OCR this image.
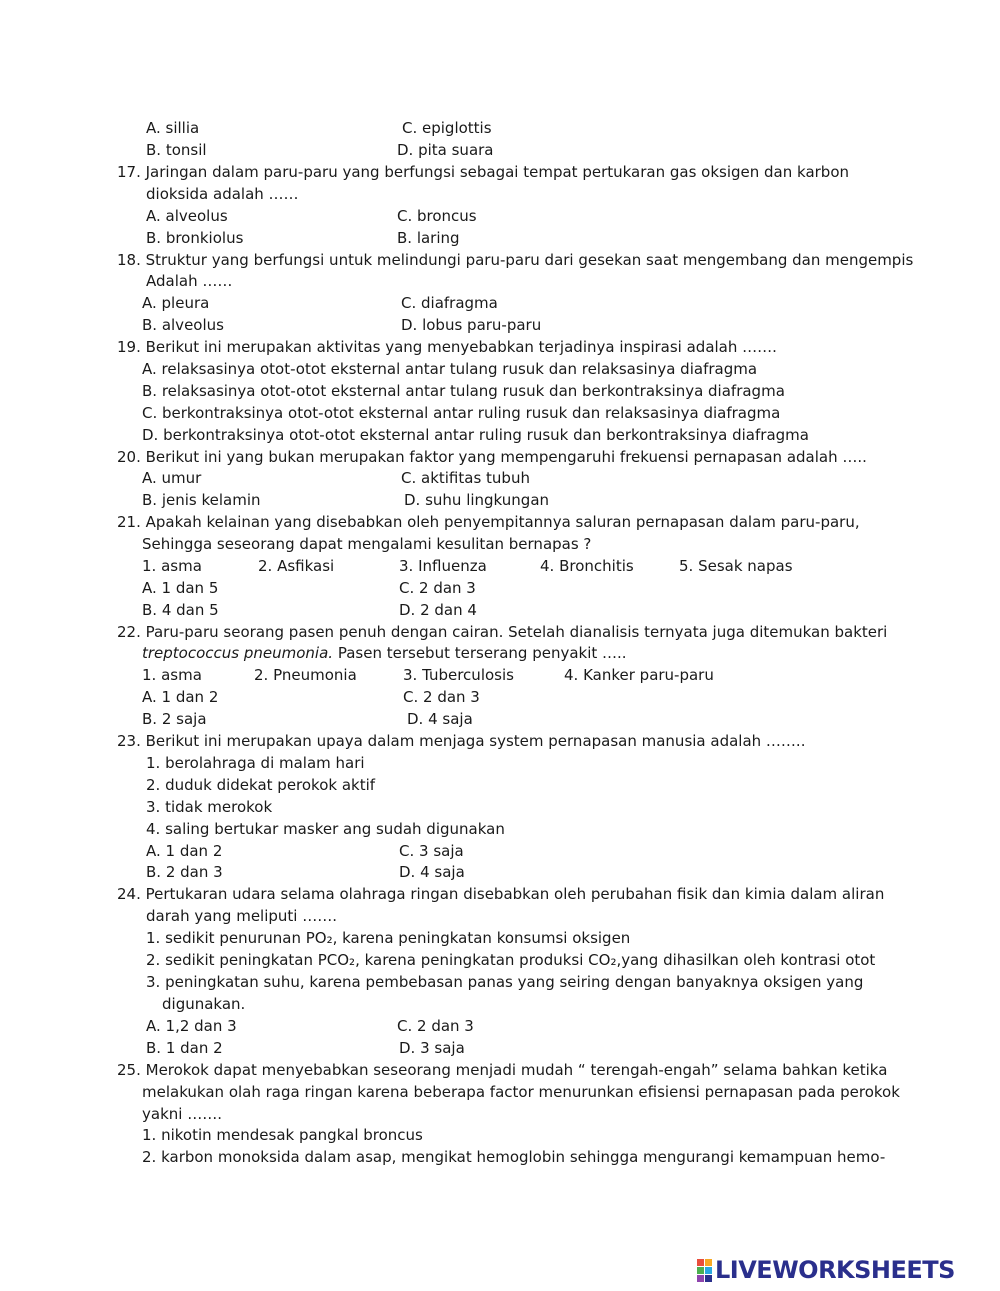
A. sillia	C. epiglottis
B. tonsil	D. pita suara
17. Jaringan dalam paru-paru yang berfungsi sebagai tempat pertukaran gas oksigen dan karbon
dioksida adalah ……
A. alveolus	C. broncus
B. bronkiolus	B. laring
18. Struktur yang berfungsi untuk melindungi paru-paru dari gesekan saat mengembang dan mengempis
Adalah ……
A. pleura	C. diafragma
B. alveolus	D. lobus paru-paru
19. Berikut ini merupakan aktivitas yang menyebabkan terjadinya inspirasi adalah …….
A. relaksasinya otot-otot eksternal antar tulang rusuk dan relaksasinya diafragma
B. relaksasinya otot-otot eksternal antar tulang rusuk dan berkontraksinya diafragma
C. berkontraksinya otot-otot eksternal antar ruling rusuk dan relaksasinya diafragma
D. berkontraksinya otot-otot eksternal antar ruling rusuk dan berkontraksinya diafragma
20. Berikut ini yang bukan merupakan faktor yang mempengaruhi frekuensi pernapasan adalah …..
A. umur	C. aktifitas tubuh
B. jenis kelamin	D. suhu lingkungan
21. Apakah kelainan yang disebabkan oleh penyempitannya saluran pernapasan dalam paru-paru,
Sehingga seseorang dapat mengalami kesulitan bernapas ?
1. asma	2. Asfikasi	3. Influenza	4. Bronchitis	5. Sesak napas
A. 1 dan 5	C. 2 dan 3
B. 4 dan 5	D. 2 dan 4
22. Paru-paru seorang pasen penuh dengan cairan. Setelah dianalisis ternyata juga ditemukan bakteri
treptococcus pneumonia. Pasen tersebut terserang penyakit …..
1. asma	2. Pneumonia	3. Tuberculosis	4. Kanker paru-paru
A. 1 dan 2	C. 2 dan 3
B. 2 saja	D. 4 saja
23. Berikut ini merupakan upaya dalam menjaga system pernapasan manusia adalah ……..
1. berolahraga di malam hari
2. duduk didekat perokok aktif
3. tidak merokok
4. saling bertukar masker ang sudah digunakan
A. 1 dan 2	C. 3 saja
B. 2 dan 3	D. 4 saja
24. Pertukaran udara selama olahraga ringan disebabkan oleh perubahan fisik dan kimia dalam aliran
darah yang meliputi …….
1. sedikit penurunan PO₂, karena peningkatan konsumsi oksigen
2. sedikit peningkatan PCO₂, karena peningkatan produksi CO₂,yang dihasilkan oleh kontrasi otot
3. peningkatan suhu, karena pembebasan panas yang seiring dengan banyaknya oksigen yang
digunakan.
A. 1,2 dan 3	C. 2 dan 3
B. 1 dan 2	D. 3 saja
25. Merokok dapat menyebabkan seseorang menjadi mudah “ terengah-engah” selama bahkan ketika
melakukan olah raga ringan karena beberapa factor menurunkan efisiensi pernapasan pada perokok
yakni …….
1. nikotin mendesak pangkal broncus
2. karbon monoksida dalam asap, mengikat hemoglobin sehingga mengurangi kemampuan hemo-
LIVEWORKSHEETS
